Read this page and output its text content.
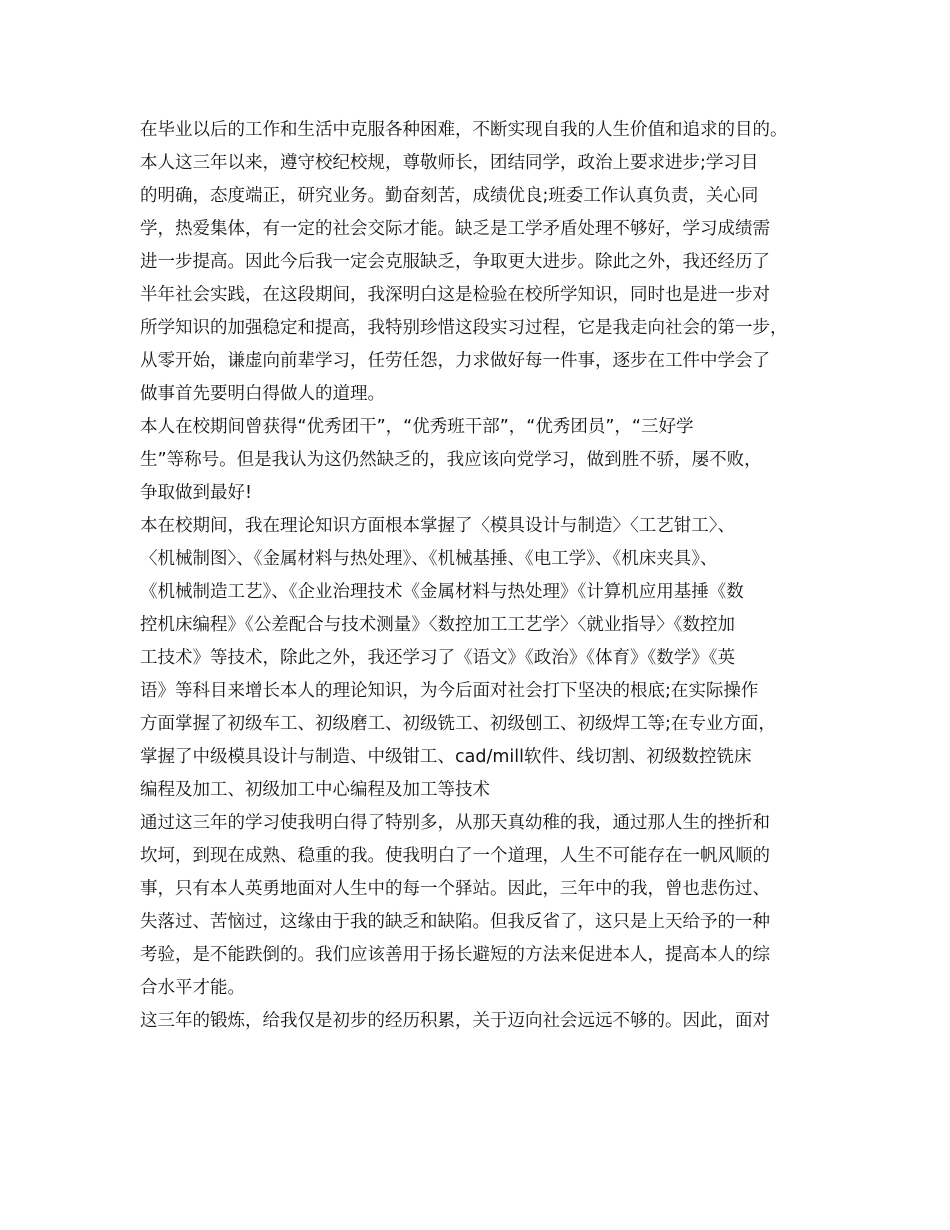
在毕业以后的工作和生活中克服各种困难，不断实现自我的人生价值和追求的目的。
本人这三年以来，遵守校纪校规，尊敬师长，团结同学，政治上要求进步;学习目
的明确，态度端正，研究业务。勤奋刻苦，成绩优良;班委工作认真负责，关心同
学，热爱集体，有一定的社会交际才能。缺乏是工学矛盾处理不够好，学习成绩需
进一步提高。因此今后我一定会克服缺乏，争取更大进步。除此之外，我还经历了
半年社会实践，在这段期间，我深明白这是检验在校所学知识，同时也是进一步对
所学知识的加强稳定和提高，我特别珍惜这段实习过程，它是我走向社会的第一步，
从零开始，谦虚向前辈学习，任劳任怨，力求做好每一件事，逐步在工件中学会了
做事首先要明白得做人的道理。
本人在校期间曾获得“优秀团干”，“优秀班干部”，“优秀团员”，“三好学
生”等称号。但是我认为这仍然缺乏的，我应该向党学习，做到胜不骄，屡不败，
争取做到最好!
本在校期间，我在理论知识方面根本掌握了〈模具设计与制造〉〈工艺钳工〉、
〈机械制图〉、《金属材料与热处理》、《机械基捶、《电工学》、《机床夹具》、
《机械制造工艺》、《企业治理技术《金属材料与热处理》《计算机应用基捶《数
控机床编程》《公差配合与技术测量》〈数控加工工艺学〉〈就业指导〉《数控加
工技术》等技术，除此之外，我还学习了《语文》《政治》《体育》《数学》《英
语》等科目来增长本人的理论知识，为今后面对社会打下坚决的根底;在实际操作
方面掌握了初级车工、初级磨工、初级铣工、初级刨工、初级焊工等;在专业方面，
掌握了中级模具设计与制造、中级钳工、cad/mill软件、线切割、初级数控铣床
编程及加工、初级加工中心编程及加工等技术
通过这三年的学习使我明白得了特别多，从那天真幼稚的我，通过那人生的挫折和
坎坷，到现在成熟、稳重的我。使我明白了一个道理，人生不可能存在一帆风顺的
事，只有本人英勇地面对人生中的每一个驿站。因此，三年中的我，曾也悲伤过、
失落过、苦恼过，这缘由于我的缺乏和缺陷。但我反省了，这只是上天给予的一种
考验，是不能跌倒的。我们应该善用于扬长避短的方法来促进本人，提高本人的综
合水平才能。
这三年的锻炼，给我仅是初步的经历积累，关于迈向社会远远不够的。因此，面对
